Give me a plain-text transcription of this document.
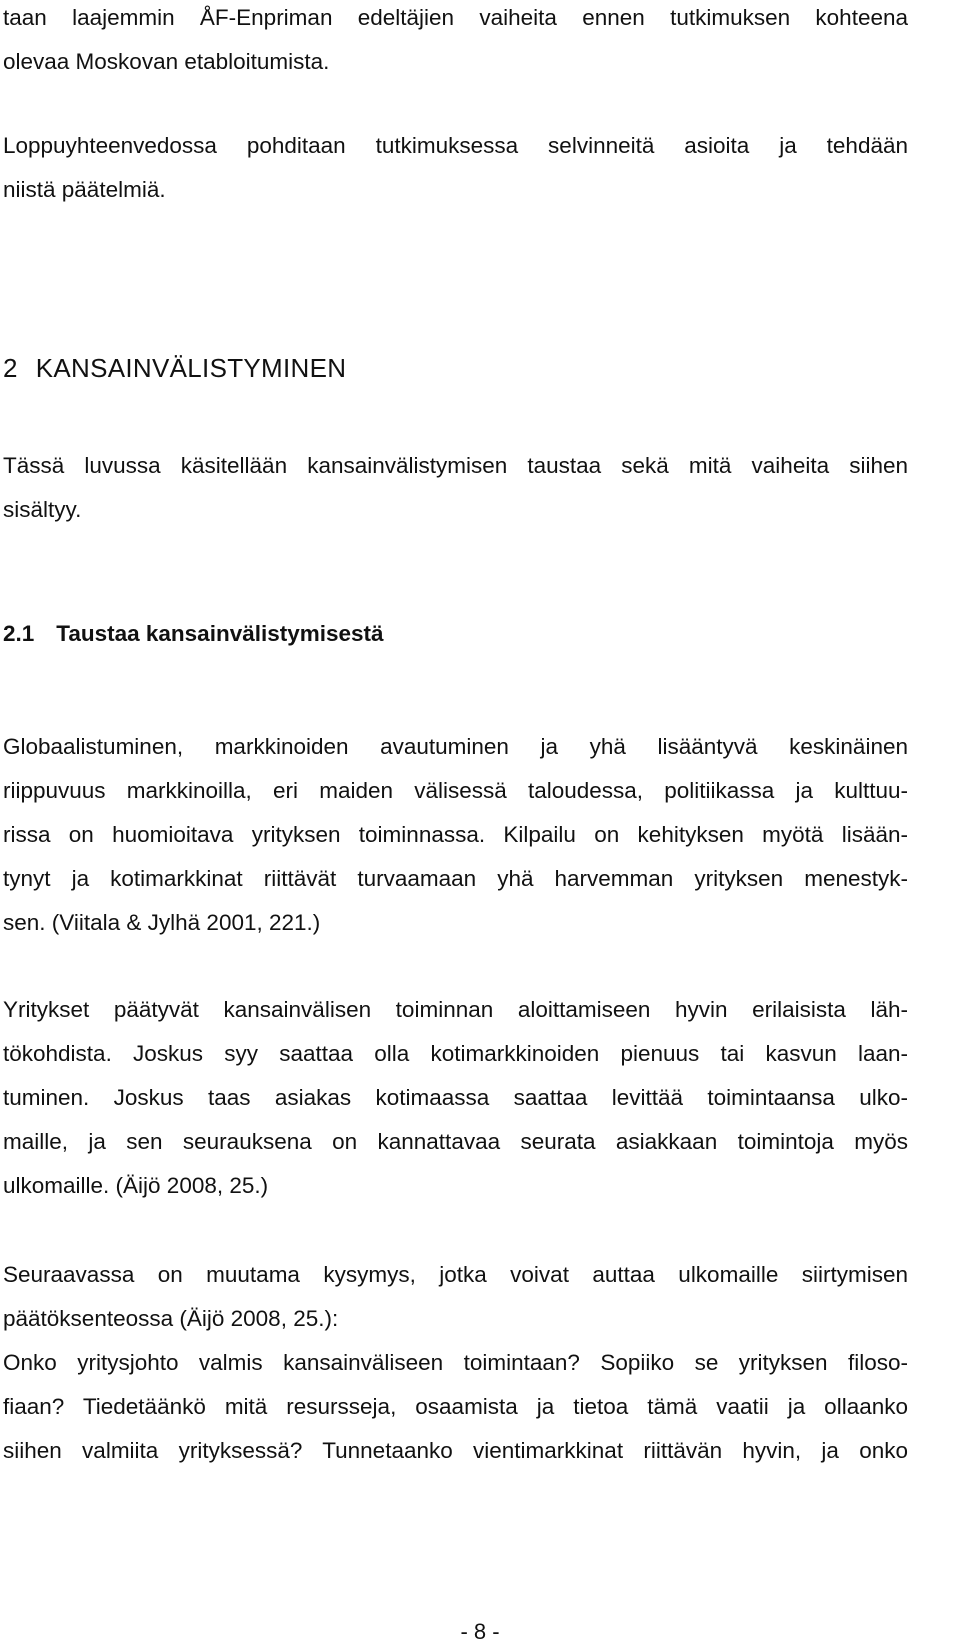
taan laajemmin ÅF-Enpriman edeltäjien vaiheita ennen tutkimuksen kohteena
olevaa Moskovan etabloitumista.

Loppuyhteenvedossa pohditaan tutkimuksessa selvinneitä asioita ja tehdään
niistä päätelmiä.

2 KANSAINVÄLISTYMINEN

Tässä luvussa käsitellään kansainvälistymisen taustaa sekä mitä vaiheita siihen
sisältyy.

2.1 Taustaa kansainvälistymisestä

Globaalistuminen, markkinoiden avautuminen ja yhä lisääntyvä keskinäinen
riippuvuus markkinoilla, eri maiden välisessä taloudessa, politiikassa ja kulttuu-
rissa on huomioitava yrityksen toiminnassa. Kilpailu on kehityksen myötä lisään-
tynyt ja kotimarkkinat riittävät turvaamaan yhä harvemman yrityksen menestyk-
sen. (Viitala & Jylhä 2001, 221.)

Yritykset päätyvät kansainvälisen toiminnan aloittamiseen hyvin erilaisista läh-
tökohdista. Joskus syy saattaa olla kotimarkkinoiden pienuus tai kasvun laan-
tuminen. Joskus taas asiakas kotimaassa saattaa levittää toimintaansa ulko-
maille, ja sen seurauksena on kannattavaa seurata asiakkaan toimintoja myös
ulkomaille. (Äijö 2008, 25.)

Seuraavassa on muutama kysymys, jotka voivat auttaa ulkomaille siirtymisen
päätöksenteossa (Äijö 2008, 25.):

Onko yritysjohto valmis kansainväliseen toimintaan? Sopiiko se yrityksen filoso-
fiaan? Tiedetäänkö mitä resursseja, osaamista ja tietoa tämä vaatii ja ollaanko
siihen valmiita yrityksessä? Tunnetaanko vientimarkkinat riittävän hyvin, ja onko

- 8 -
